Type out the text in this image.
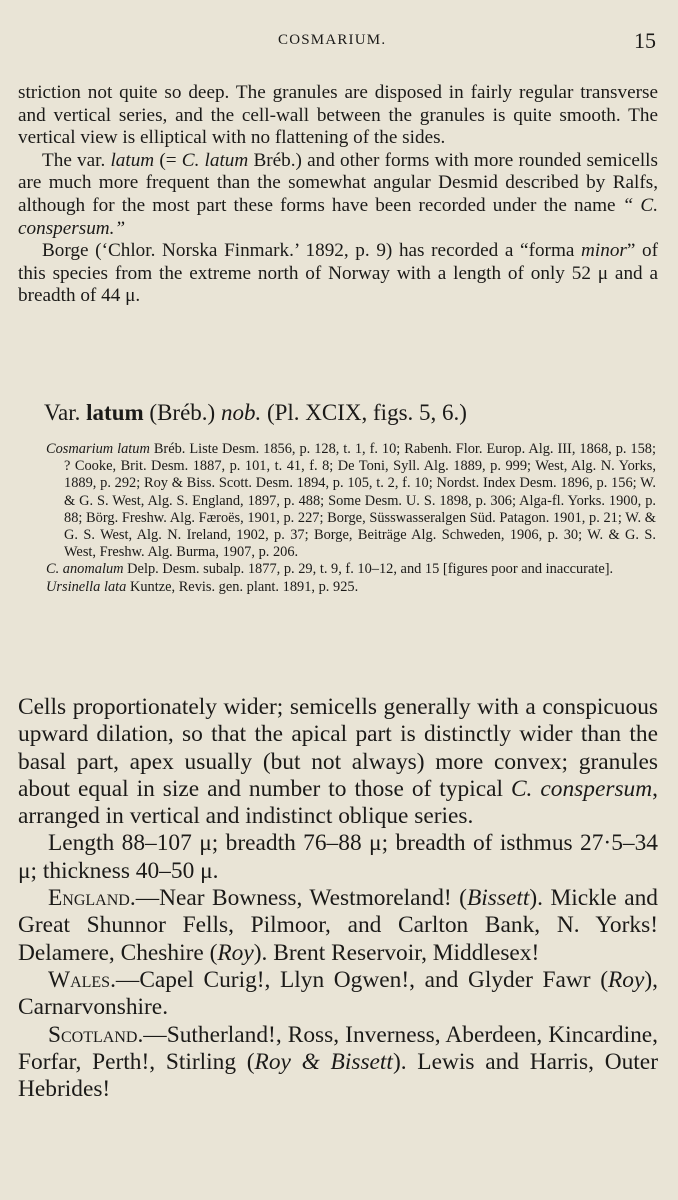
COSMARIUM.	15

striction not quite so deep. The granules are disposed in fairly regular transverse and vertical series, and the cell-wall between the granules is quite smooth. The vertical view is elliptical with no flattening of the sides.

The var. latum (= C. latum Bréb.) and other forms with more rounded semicells are much more frequent than the somewhat angular Desmid described by Ralfs, although for the most part these forms have been recorded under the name “ C. conspersum.”

Borge (‘Chlor. Norska Finmark.’ 1892, p. 9) has recorded a “forma minor” of this species from the extreme north of Norway with a length of only 52 μ and a breadth of 44 μ.

Var. latum (Bréb.) nob. (Pl. XCIX, figs. 5, 6.)

Cosmarium latum Bréb. Liste Desm. 1856, p. 128, t. 1, f. 10; Rabenh. Flor. Europ. Alg. III, 1868, p. 158; ? Cooke, Brit. Desm. 1887, p. 101, t. 41, f. 8; De Toni, Syll. Alg. 1889, p. 999; West, Alg. N. Yorks, 1889, p. 292; Roy & Biss. Scott. Desm. 1894, p. 105, t. 2, f. 10; Nordst. Index Desm. 1896, p. 156; W. & G. S. West, Alg. S. England, 1897, p. 488; Some Desm. U. S. 1898, p. 306; Alga-fl. Yorks. 1900, p. 88; Börg. Freshw. Alg. Færoës, 1901, p. 227; Borge, Süsswasseralgen Süd. Patagon. 1901, p. 21; W. & G. S. West, Alg. N. Ireland, 1902, p. 37; Borge, Beiträge Alg. Schweden, 1906, p. 30; W. & G. S. West, Freshw. Alg. Burma, 1907, p. 206.

C. anomalum Delp. Desm. subalp. 1877, p. 29, t. 9, f. 10–12, and 15 [figures poor and inaccurate].

Ursinella lata Kuntze, Revis. gen. plant. 1891, p. 925.

Cells proportionately wider; semicells generally with a conspicuous upward dilation, so that the apical part is distinctly wider than the basal part, apex usually (but not always) more convex; granules about equal in size and number to those of typical C. conspersum, arranged in vertical and indistinct oblique series.

Length 88–107 μ; breadth 76–88 μ; breadth of isthmus 27·5–34 μ; thickness 40–50 μ.

England.—Near Bowness, Westmoreland! (Bissett). Mickle and Great Shunnor Fells, Pilmoor, and Carlton Bank, N. Yorks! Delamere, Cheshire (Roy). Brent Reservoir, Middlesex!

Wales.—Capel Curig!, Llyn Ogwen!, and Glyder Fawr (Roy), Carnarvonshire.

Scotland.—Sutherland!, Ross, Inverness, Aberdeen, Kincardine, Forfar, Perth!, Stirling (Roy & Bissett). Lewis and Harris, Outer Hebrides!
